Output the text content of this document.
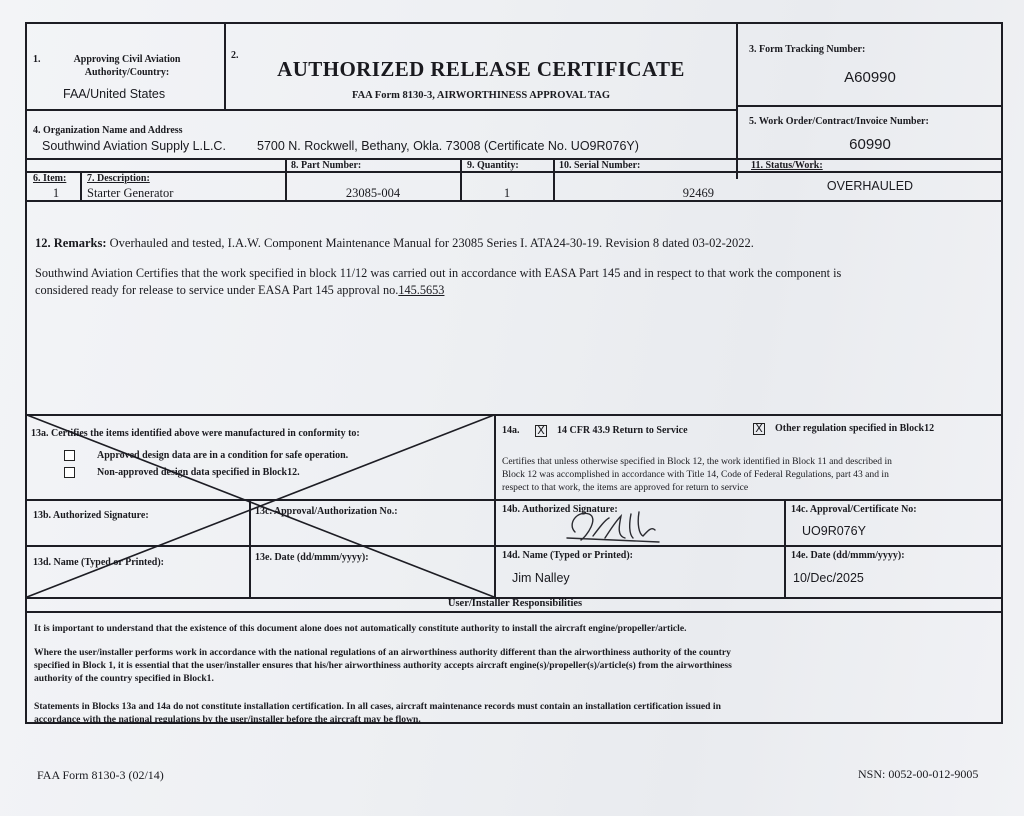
1.	Approving Civil Aviation
Authority/Country:
FAA/United States
2.
AUTHORIZED RELEASE CERTIFICATE
FAA Form 8130-3, AIRWORTHINESS APPROVAL TAG
3. Form Tracking Number:
A60990
4. Organization Name and Address
Southwind Aviation Supply L.L.C. 5700 N. Rockwell, Bethany, Okla. 73008 (Certificate No. UO9R076Y)
5. Work Order/Contract/Invoice Number:
60990
6. Item:
1
7. Description:
Starter Generator
8. Part Number:
23085-004
9. Quantity:
1
10. Serial Number:
92469
11. Status/Work:
OVERHAULED
12. Remarks: Overhauled and tested, I.A.W. Component Maintenance Manual for 23085 Series I. ATA24-30-19. Revision 8 dated 03-02-2022.
Southwind Aviation Certifies that the work specified in block 11/12 was carried out in accordance with EASA Part 145 and in respect to that work the component is
considered ready for release to service under EASA Part 145 approval no.145.5653
13a. Certifies the items identified above were manufactured in conformity to:
Approved design data are in a condition for safe operation.
Non-approved design data specified in Block12.
13b. Authorized Signature:	13c. Approval/Authorization No.:
13d. Name (Typed or Printed):	13e. Date (dd/mmm/yyyy):
14a. X 14 CFR 43.9 Return to Service	X Other regulation specified in Block12
Certifies that unless otherwise specified in Block 12, the work identified in Block 11 and described in
Block 12 was accomplished in accordance with Title 14, Code of Federal Regulations, part 43 and in
respect to that work, the items are approved for return to service
14b. Authorized Signature:	14c. Approval/Certificate No:
UO9R076Y
14d. Name (Typed or Printed):
Jim Nalley
14e. Date (dd/mmm/yyyy):
10/Dec/2025
User/Installer Responsibilities
It is important to understand that the existence of this document alone does not automatically constitute authority to install the aircraft engine/propeller/article.
Where the user/installer performs work in accordance with the national regulations of an airworthiness authority different than the airworthiness authority of the country
specified in Block 1, it is essential that the user/installer ensures that his/her airworthiness authority accepts aircraft engine(s)/propeller(s)/article(s) from the airworthiness
authority of the country specified in Block1.
Statements in Blocks 13a and 14a do not constitute installation certification. In all cases, aircraft maintenance records must contain an installation certification issued in
accordance with the national regulations by the user/installer before the aircraft may be flown.
FAA Form 8130-3 (02/14)	NSN: 0052-00-012-9005
